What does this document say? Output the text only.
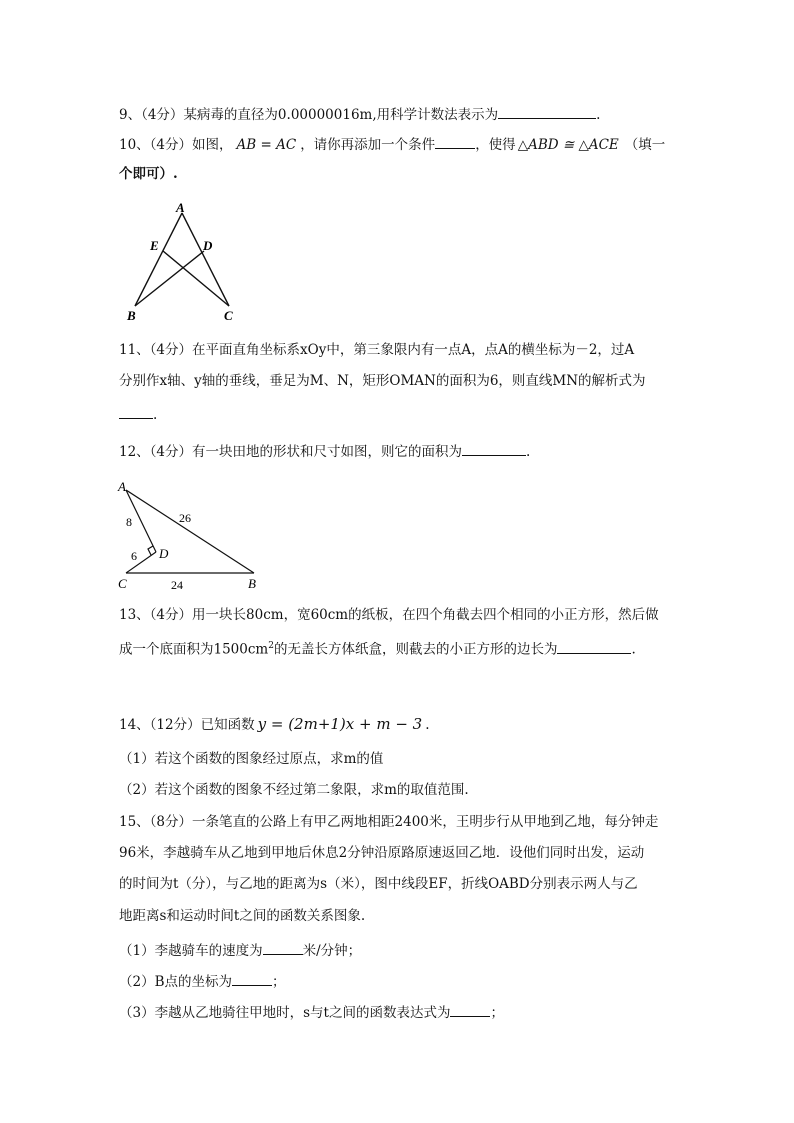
9、（4分）某病毒的直径为0.00000016m,用科学计数法表示为	.
10、（4分）如图， AB = AC ，请你再添加一个条件	，使得 △ABD ≅ △ACE （填一
个即可）.
A
E	D
B	C
11、（4分）在平面直角坐标系xOy中，第三象限内有一点A，点A的横坐标为－2，过A
分别作x轴、y轴的垂线，垂足为M、N，矩形OMAN的面积为6，则直线MN的解析式为
.
12、（4分）有一块田地的形状和尺寸如图，则它的面积为	.
A
D
C	B
8
6
26
24
13、（4分）用一块长80cm，宽60cm的纸板，在四个角截去四个相同的小正方形，然后做
成一个底面积为$1500cm^2$的无盖长方体纸盒，则截去的小正方形的边长为	.
14、（12分）已知函数 y = (2m+1)x + m − 3 .
（1）若这个函数的图象经过原点，求m的值
（2）若这个函数的图象不经过第二象限，求m的取值范围.
15、（8分）一条笔直的公路上有甲乙两地相距2400米，王明步行从甲地到乙地，每分钟走
96米，李越骑车从乙地到甲地后休息2分钟沿原路原速返回乙地．设他们同时出发，运动
的时间为t（分），与乙地的距离为s（米），图中线段EF，折线OABD分别表示两人与乙
地距离s和运动时间t之间的函数关系图象.
（1）李越骑车的速度为	米/分钟；
（2）B点的坐标为	；
（3）李越从乙地骑往甲地时，s与t之间的函数表达式为	；
